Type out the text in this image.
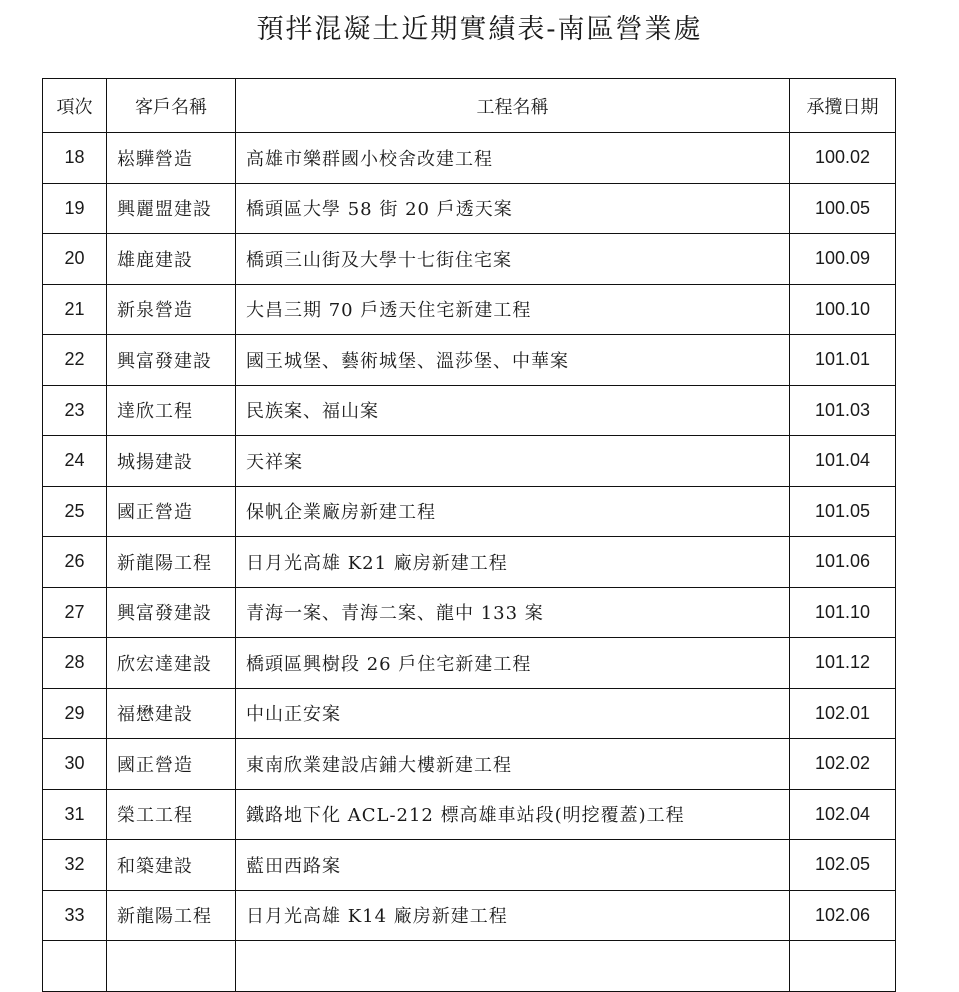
預拌混凝土近期實績表-南區營業處
項次	客戶名稱	工程名稱	承攬日期
18	崧驊營造	高雄市樂群國小校舍改建工程	100.02
19	興麗盟建設	橋頭區大學 58 街 20 戶透天案	100.05
20	雄鹿建設	橋頭三山街及大學十七街住宅案	100.09
21	新泉營造	大昌三期 70 戶透天住宅新建工程	100.10
22	興富發建設	國王城堡、藝術城堡、溫莎堡、中華案	101.01
23	達欣工程	民族案、福山案	101.03
24	城揚建設	天祥案	101.04
25	國正營造	保帆企業廠房新建工程	101.05
26	新龍陽工程	日月光高雄 K21 廠房新建工程	101.06
27	興富發建設	青海一案、青海二案、龍中 133 案	101.10
28	欣宏達建設	橋頭區興樹段 26 戶住宅新建工程	101.12
29	福懋建設	中山正安案	102.01
30	國正營造	東南欣業建設店鋪大樓新建工程	102.02
31	榮工工程	鐵路地下化 ACL-212 標高雄車站段(明挖覆蓋)工程	102.04
32	和築建設	藍田西路案	102.05
33	新龍陽工程	日月光高雄 K14 廠房新建工程	102.06
